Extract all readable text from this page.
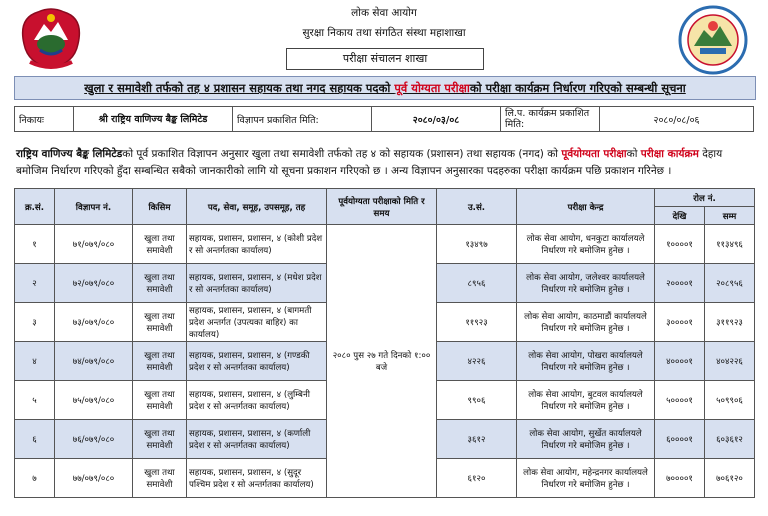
लोक सेवा आयोग
सुरक्षा निकाय तथा संगठित संस्था महाशाखा
परीक्षा संचालन शाखा
खुला र समावेशी तर्फको तह ४ प्रशासन सहायक तथा नगद सहायक पदको पूर्व योग्यता परीक्षाको परीक्षा कार्यक्रम निर्धारण गरिएको सम्बन्धी सूचना
निकायः	श्री राष्ट्रिय वाणिज्य बैङ्क लिमिटेड	विज्ञापन प्रकाशित मिति:	२०८०/०३/०८	लि.प. कार्यक्रम प्रकाशित मिति:	२०८०/०८/०६
राष्ट्रिय वाणिज्य बैङ्क लिमिटेडको पूर्व प्रकाशित विज्ञापन अनुसार खुला तथा समावेशी तर्फको तह ४ को सहायक (प्रशासन) तथा सहायक (नगद) को पूर्वयोग्यता परीक्षाको परीक्षा कार्यक्रम देहाय बमोजिम निर्धारण गरिएको हुँदा सम्बन्धित सबैको जानकारीको लागि यो सूचना प्रकाशन गरिएको छ । अन्य विज्ञापन अनुसारका पदहरुका परीक्षा कार्यक्रम पछि प्रकाशन गरिनेछ ।
क्र.सं.	विज्ञापन नं.	किसिम	पद, सेवा, समूह, उपसमूह, तह	पूर्वयोग्यता परीक्षाको मिति र समय	उ.सं.	परीक्षा केन्द्र	रोल नं.	
							देखि	सम्म
१	७१/०७९/०८०	खुला तथा समावेशी	सहायक, प्रशासन, प्रशासन, ४ (कोशी प्रदेश र सो अन्तर्गतका कार्यालय)	२०८० पुस २७ गते दिनको १:०० बजे	१३४९७	लोक सेवा आयोग, धनकुटा कार्यालयले निर्धारण गरे बमोजिम हुनेछ ।	१००००१	११३४९६
२	७२/०७९/०८०	खुला तथा समावेशी	सहायक, प्रशासन, प्रशासन, ४ (मधेश प्रदेश र सो अन्तर्गतका कार्यालय)		८९५६	लोक सेवा आयोग, जलेश्वर कार्यालयले निर्धारण गरे बमोजिम हुनेछ ।	२००००१	२०८९५६
३	७३/०७९/०८०	खुला तथा समावेशी	सहायक, प्रशासन, प्रशासन, ४ (बागमती प्रदेश अन्तर्गत (उपत्यका बाहिर) का कार्यालय)		११९२३	लोक सेवा आयोग, काठमाडौं कार्यालयले निर्धारण गरे बमोजिम हुनेछ ।	३००००१	३११९२३
४	७४/०७९/०८०	खुला तथा समावेशी	सहायक, प्रशासन, प्रशासन, ४ (गण्डकी प्रदेश र सो अन्तर्गतका कार्यालय)		४२२६	लोक सेवा आयोग, पोखरा कार्यालयले निर्धारण गरे बमोजिम हुनेछ ।	४००००१	४०४२२६
५	७५/०७९/०८०	खुला तथा समावेशी	सहायक, प्रशासन, प्रशासन, ४ (लुम्बिनी प्रदेश र सो अन्तर्गतका कार्यालय)		९९०६	लोक सेवा आयोग, बुटवल कार्यालयले निर्धारण गरे बमोजिम हुनेछ ।	५००००१	५०९९०६
६	७६/०७९/०८०	खुला तथा समावेशी	सहायक, प्रशासन, प्रशासन, ४ (कर्णाली प्रदेश र सो अन्तर्गतका कार्यालय)		३६१२	लोक सेवा आयोग, सुर्खेत कार्यालयले निर्धारण गरे बमोजिम हुनेछ ।	६००००१	६०३६१२
७	७७/०७९/०८०	खुला तथा समावेशी	सहायक, प्रशासन, प्रशासन, ४ (सुदूर पश्चिम प्रदेश र सो अन्तर्गतका कार्यालय)		६१२०	लोक सेवा आयोग, महेन्द्रनगर कार्यालयले निर्धारण गरे बमोजिम हुनेछ ।	७००००१	७०६१२०
